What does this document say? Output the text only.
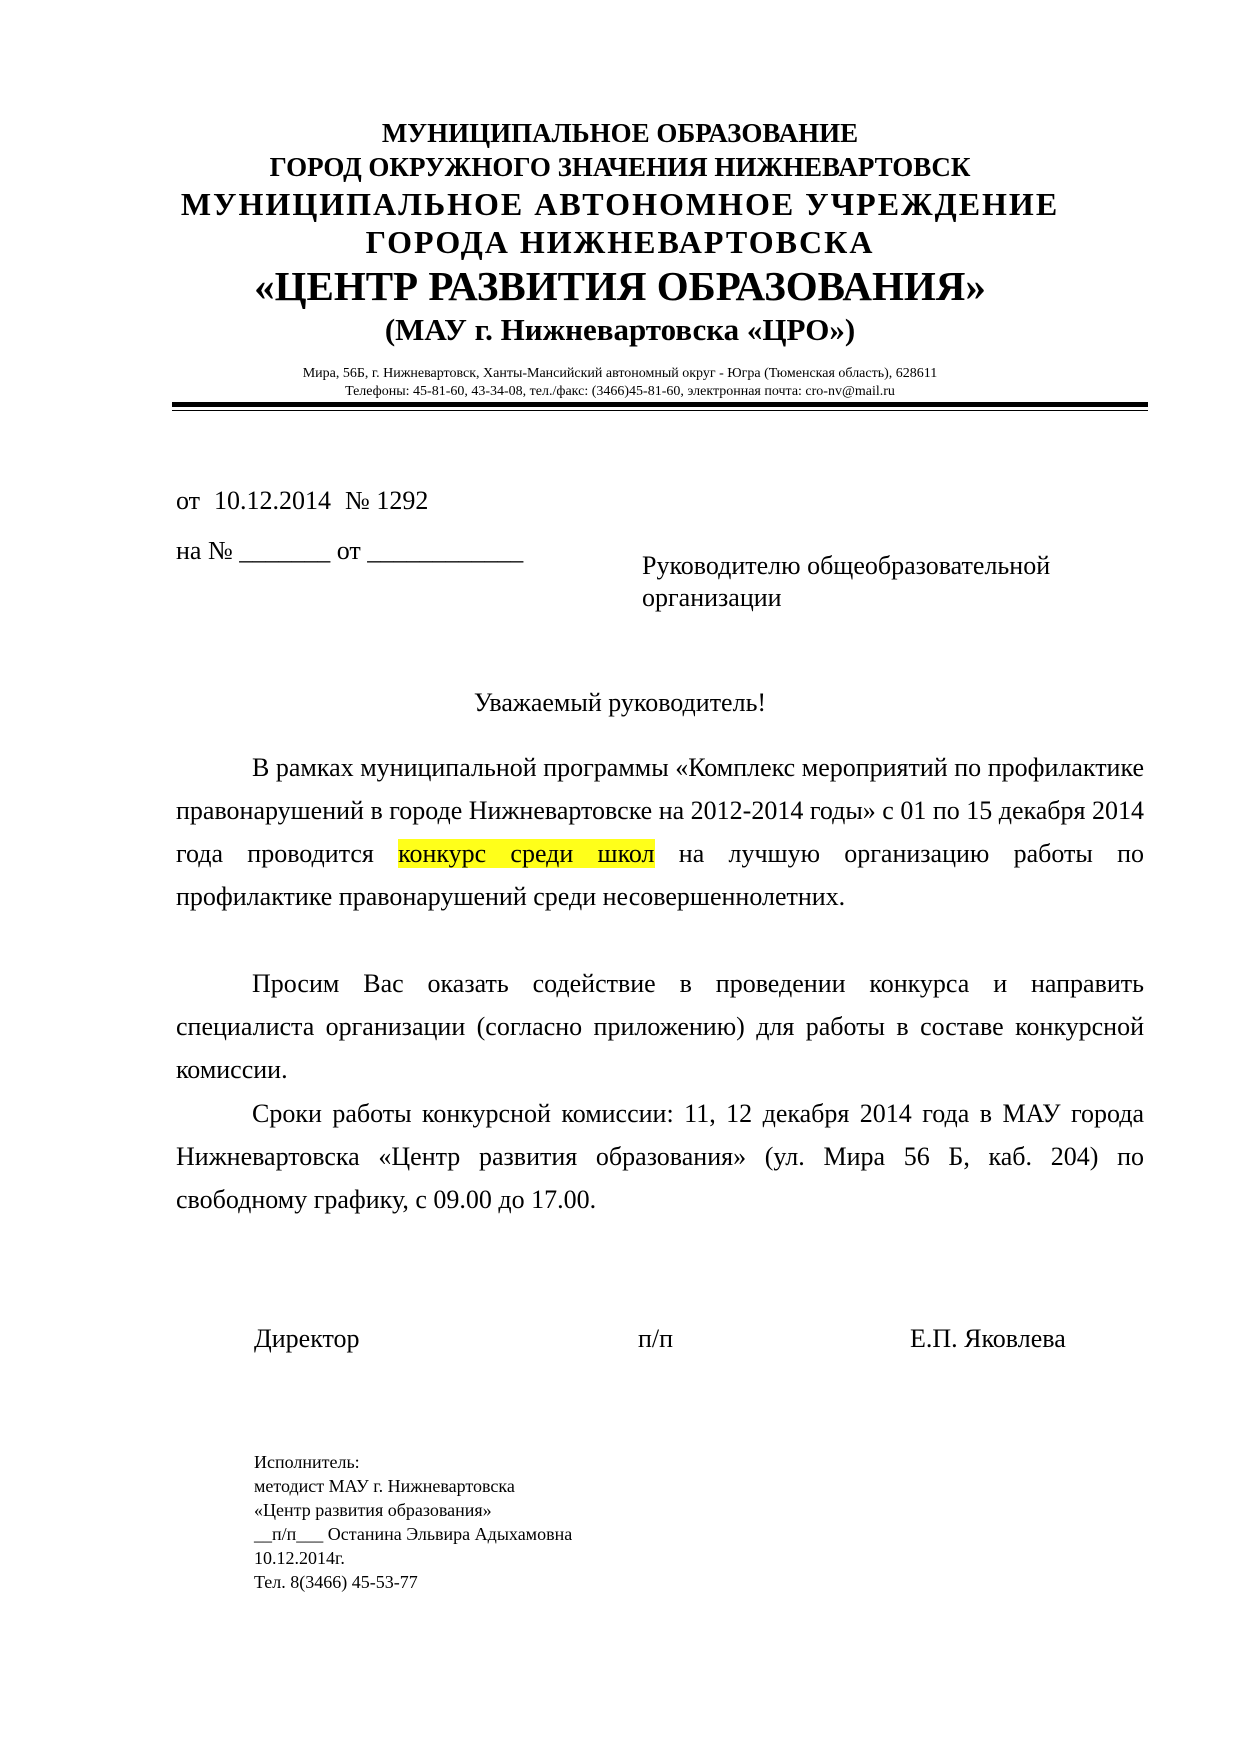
МУНИЦИПАЛЬНОЕ ОБРАЗОВАНИЕ
ГОРОД ОКРУЖНОГО ЗНАЧЕНИЯ НИЖНЕВАРТОВСК
МУНИЦИПАЛЬНОЕ АВТОНОМНОЕ УЧРЕЖДЕНИЕ
ГОРОДА НИЖНЕВАРТОВСКА
«ЦЕНТР РАЗВИТИЯ ОБРАЗОВАНИЯ»
(МАУ г. Нижневартовска «ЦРО»)
Мира, 56Б, г. Нижневартовск, Ханты-Мансийский автономный округ - Югра (Тюменская область), 628611
Телефоны: 45-81-60, 43-34-08, тел./факс: (3466)45-81-60, электронная почта: cro-nv@mail.ru
от 10.12.2014 № 1292
на № _______ от ____________
Руководителю общеобразовательной
организации
Уважаемый руководитель!

В рамках муниципальной программы «Комплекс мероприятий по профилактике правонарушений в городе Нижневартовске на 2012-2014 годы» с 01 по 15 декабря 2014 года проводится конкурс среди школ на лучшую организацию работы по профилактике правонарушений среди несовершеннолетних.

Просим Вас оказать содействие в проведении конкурса и направить специалиста организации (согласно приложению) для работы в составе конкурсной комиссии.

Сроки работы конкурсной комиссии: 11, 12 декабря 2014 года в МАУ города Нижневартовска «Центр развития образования» (ул. Мира 56 Б, каб. 204) по свободному графику, с 09.00 до 17.00.

Директор	п/п	Е.П. Яковлева
Исполнитель:
методист МАУ г. Нижневартовска
«Центр развития образования»
__п/п___ Останина Эльвира Адыхамовна
10.12.2014г.
Тел. 8(3466) 45-53-77
